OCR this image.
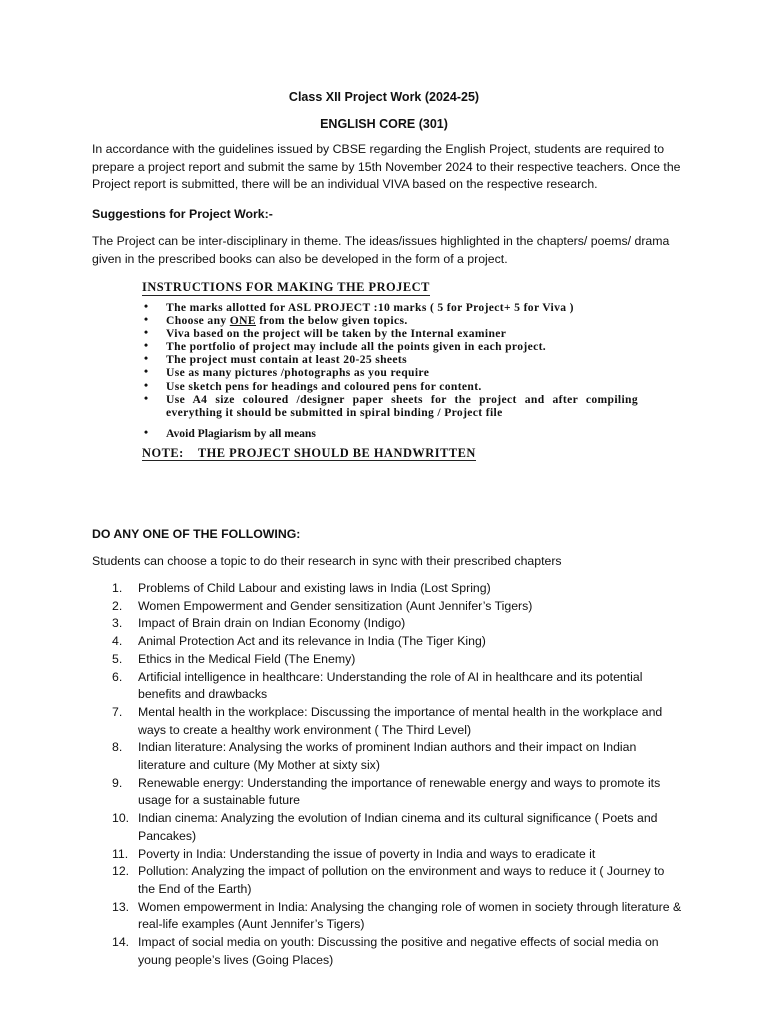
Class XII Project Work (2024-25)
ENGLISH CORE (301)
In accordance with the guidelines issued by CBSE regarding the English Project, students are required to prepare a project report and submit the same by 15th November 2024 to their respective teachers. Once the Project report is submitted, there will be an individual VIVA based on the respective research.
Suggestions for Project Work:-
The Project can be inter-disciplinary in theme. The ideas/issues highlighted in the chapters/ poems/ drama given in the prescribed books can also be developed in the form of a project.
INSTRUCTIONS FOR MAKING THE PROJECT
• The marks allotted for ASL PROJECT :10 marks ( 5 for Project+ 5 for Viva )
• Choose any ONE from the below given topics.
• Viva based on the project will be taken by the Internal examiner
• The portfolio of project may include all the points given in each project.
• The project must contain at least 20-25 sheets
• Use as many pictures /photographs as you require
• Use sketch pens for headings and coloured pens for content.
• Use A4 size coloured /designer paper sheets for the project and after compiling everything it should be submitted in spiral binding / Project file
• Avoid Plagiarism by all means
NOTE:    THE PROJECT SHOULD BE HANDWRITTEN
DO ANY ONE OF THE FOLLOWING:
Students can choose a topic to do their research in sync with their prescribed chapters
1.	Problems of Child Labour and existing laws in India (Lost Spring)
2.	Women Empowerment and Gender sensitization (Aunt Jennifer’s Tigers)
3.	Impact of Brain drain on Indian Economy (Indigo)
4.	Animal Protection Act and its relevance in India (The Tiger King)
5.	Ethics in the Medical Field (The Enemy)
6.	Artificial intelligence in healthcare: Understanding the role of AI in healthcare and its potential benefits and drawbacks
7.	Mental health in the workplace: Discussing the importance of mental health in the workplace and ways to create a healthy work environment ( The Third Level)
8.	Indian literature: Analysing the works of prominent Indian authors and their impact on Indian literature and culture (My Mother at sixty six)
9.	Renewable energy: Understanding the importance of renewable energy and ways to promote its usage for a sustainable future
10. Indian cinema: Analyzing the evolution of Indian cinema and its cultural significance ( Poets and Pancakes)
11. Poverty in India: Understanding the issue of poverty in India and ways to eradicate it
12. Pollution: Analyzing the impact of pollution on the environment and ways to reduce it ( Journey to the End of the Earth)
13. Women empowerment in India: Analysing the changing role of women in society through literature & real-life examples (Aunt Jennifer’s Tigers)
14. Impact of social media on youth: Discussing the positive and negative effects of social media on young people’s lives (Going Places)
